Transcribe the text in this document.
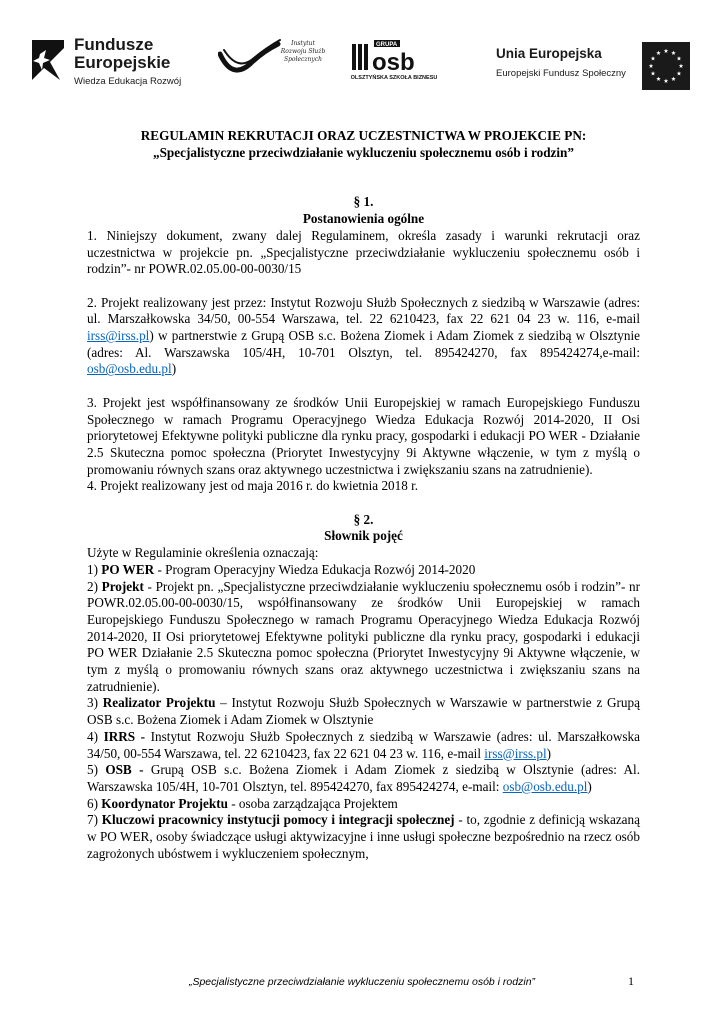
Fundusze
Europejskie
Wiedza Edukacja Rozwój
Instytut Rozwoju Służb Społecznych
GRUPA
osb
OLSZTYŃSKA SZKOŁA BIZNESU
Unia Europejska
Europejski Fundusz Społeczny

REGULAMIN REKRUTACJI ORAZ UCZESTNICTWA W PROJEKCIE PN:

„Specjalistyczne przeciwdziałanie wykluczeniu społecznemu osób i rodzin”

§ 1.

Postanowienia ogólne

1. Niniejszy dokument, zwany dalej Regulaminem, określa zasady i warunki rekrutacji oraz uczestnictwa w projekcie pn. „Specjalistyczne przeciwdziałanie wykluczeniu społecznemu osób i rodzin”- nr POWR.02.05.00-00-0030/15

2. Projekt realizowany jest przez: Instytut Rozwoju Służb Społecznych z siedzibą w Warszawie (adres: ul. Marszałkowska 34/50, 00-554 Warszawa, tel. 22 6210423, fax 22 621 04 23 w. 116, e-mail irss@irss.pl) w partnerstwie z Grupą OSB s.c. Bożena Ziomek i Adam Ziomek z siedzibą w Olsztynie (adres: Al. Warszawska 105/4H, 10-701 Olsztyn, tel. 895424270, fax 895424274,e-mail: osb@osb.edu.pl)

3. Projekt jest współfinansowany ze środków Unii Europejskiej w ramach Europejskiego Funduszu Społecznego w ramach Programu Operacyjnego Wiedza Edukacja Rozwój 2014-2020, II Osi priorytetowej Efektywne polityki publiczne dla rynku pracy, gospodarki i edukacji PO WER - Działanie 2.5 Skuteczna pomoc społeczna (Priorytet Inwestycyjny 9i Aktywne włączenie, w tym z myślą o promowaniu równych szans oraz aktywnego uczestnictwa i zwiększaniu szans na zatrudnienie).

4. Projekt realizowany jest od maja 2016 r. do kwietnia 2018 r.

§ 2.

Słownik pojęć

Użyte w Regulaminie określenia oznaczają:

1) PO WER - Program Operacyjny Wiedza Edukacja Rozwój 2014-2020

2) Projekt - Projekt pn. „Specjalistyczne przeciwdziałanie wykluczeniu społecznemu osób i rodzin”- nr POWR.02.05.00-00-0030/15, współfinansowany ze środków Unii Europejskiej w ramach Europejskiego Funduszu Społecznego w ramach Programu Operacyjnego Wiedza Edukacja Rozwój 2014-2020, II Osi priorytetowej Efektywne polityki publiczne dla rynku pracy, gospodarki i edukacji PO WER Działanie 2.5 Skuteczna pomoc społeczna (Priorytet Inwestycyjny 9i Aktywne włączenie, w tym z myślą o promowaniu równych szans oraz aktywnego uczestnictwa i zwiększaniu szans na zatrudnienie).

3) Realizator Projektu – Instytut Rozwoju Służb Społecznych w Warszawie w partnerstwie z Grupą OSB s.c. Bożena Ziomek i Adam Ziomek w Olsztynie

4) IRRS - Instytut Rozwoju Służb Społecznych z siedzibą w Warszawie (adres: ul. Marszałkowska 34/50, 00-554 Warszawa, tel. 22 6210423, fax 22 621 04 23 w. 116, e-mail irss@irss.pl)

5) OSB - Grupą OSB s.c. Bożena Ziomek i Adam Ziomek z siedzibą w Olsztynie (adres: Al. Warszawska 105/4H, 10-701 Olsztyn, tel. 895424270, fax 895424274, e-mail: osb@osb.edu.pl)

6) Koordynator Projektu - osoba zarządzająca Projektem

7) Kluczowi pracownicy instytucji pomocy i integracji społecznej - to, zgodnie z definicją wskazaną w PO WER, osoby świadczące usługi aktywizacyjne i inne usługi społeczne bezpośrednio na rzecz osób zagrożonych ubóstwem i wykluczeniem społecznym,

„Specjalistyczne przeciwdziałanie wykluczeniu społecznemu osób i rodzin”	1
